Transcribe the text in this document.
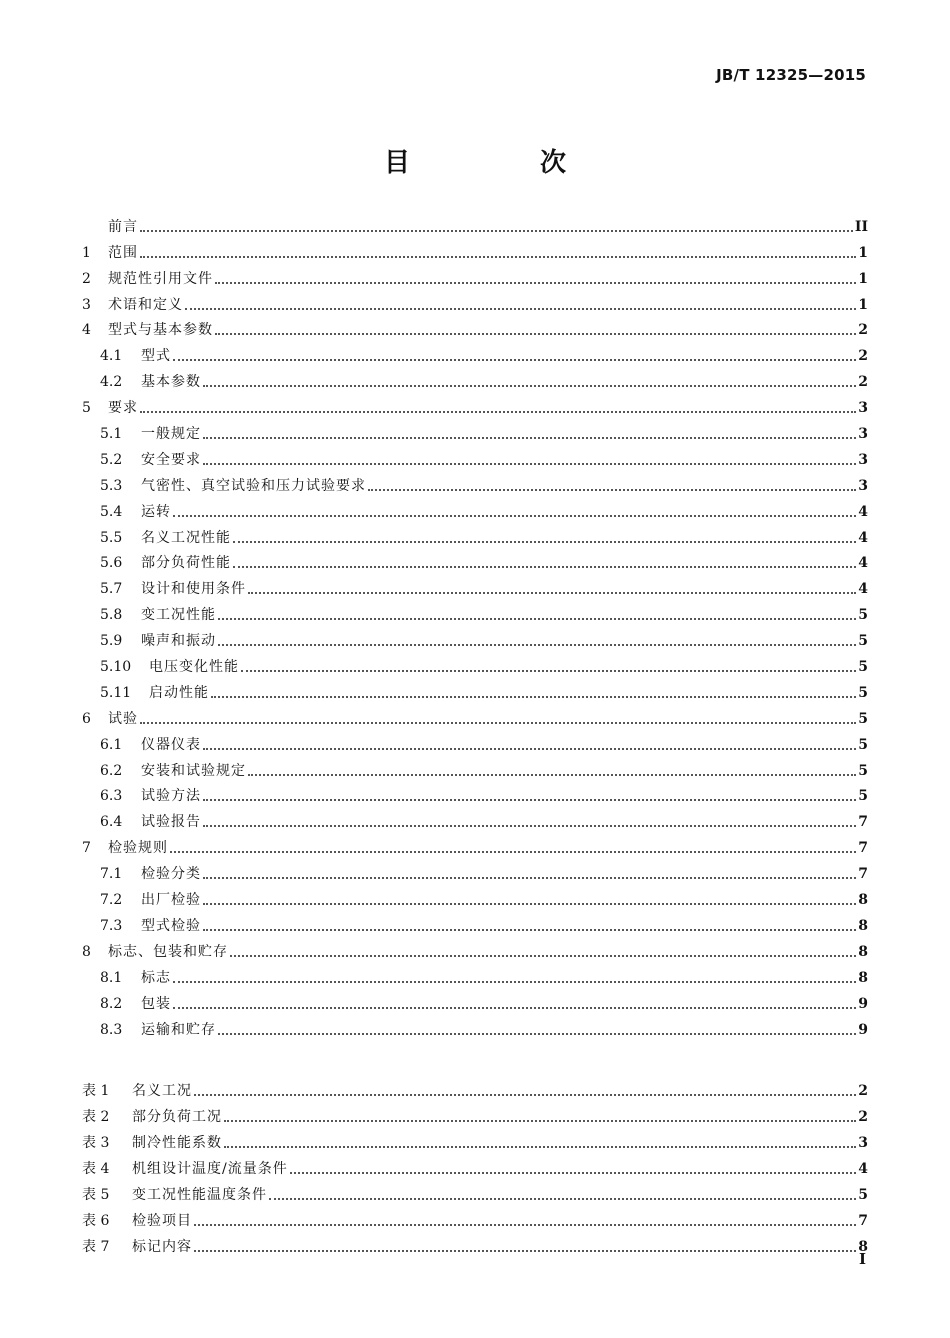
JB/T 12325—2015
目　次
前言	II
1	范围	1
2	规范性引用文件	1
3	术语和定义	1
4	型式与基本参数	2
4.1	型式	2
4.2	基本参数	2
5	要求	3
5.1	一般规定	3
5.2	安全要求	3
5.3	气密性、真空试验和压力试验要求	3
5.4	运转	4
5.5	名义工况性能	4
5.6	部分负荷性能	4
5.7	设计和使用条件	4
5.8	变工况性能	5
5.9	噪声和振动	5
5.10	电压变化性能	5
5.11	启动性能	5
6	试验	5
6.1	仪器仪表	5
6.2	安装和试验规定	5
6.3	试验方法	5
6.4	试验报告	7
7	检验规则	7
7.1	检验分类	7
7.2	出厂检验	8
7.3	型式检验	8
8	标志、包装和贮存	8
8.1	标志	8
8.2	包装	9
8.3	运输和贮存	9
表 1	名义工况	2
表 2	部分负荷工况	2
表 3	制冷性能系数	3
表 4	机组设计温度/流量条件	4
表 5	变工况性能温度条件	5
表 6	检验项目	7
表 7	标记内容	8
I
